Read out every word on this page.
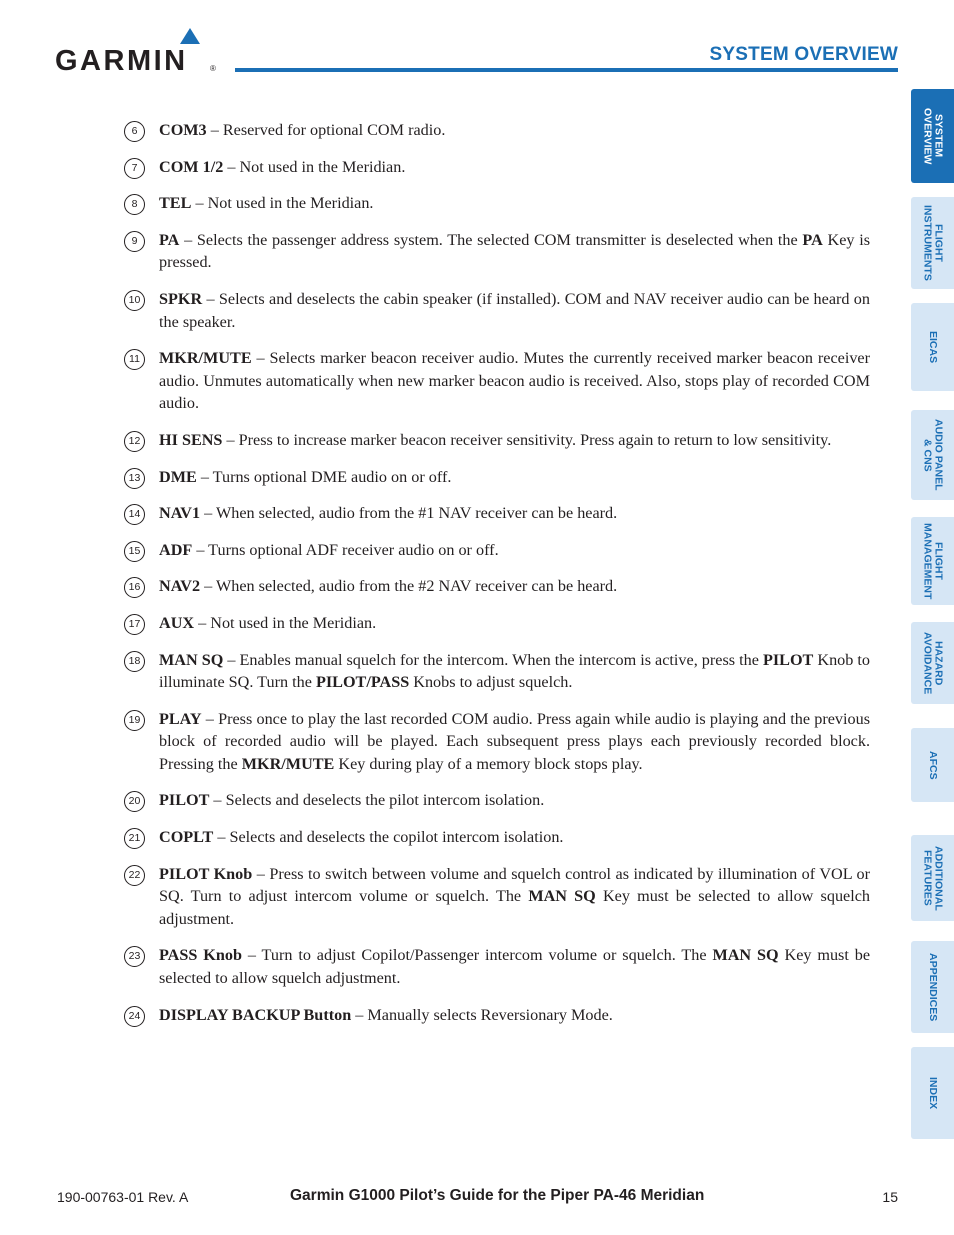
GARMIN	®
SYSTEM OVERVIEW
6	COM3 – Reserved for optional COM radio.
7	COM 1/2 – Not used in the Meridian.
8	TEL – Not used in the Meridian.
9	PA – Selects the passenger address system. The selected COM transmitter is deselected when the PA Key is pressed.
10 SPKR – Selects and deselects the cabin speaker (if installed). COM and NAV receiver audio can be heard on the speaker.
11	MKR/MUTE – Selects marker beacon receiver audio. Mutes the currently received marker beacon receiver audio. Unmutes automatically when new marker beacon audio is received. Also, stops play of recorded COM audio.
12 HI SENS – Press to increase marker beacon receiver sensitivity. Press again to return to low sensitivity.
13 DME – Turns optional DME audio on or off.
14 NAV1 – When selected, audio from the #1 NAV receiver can be heard.
15 ADF – Turns optional ADF receiver audio on or off.
16 NAV2 – When selected, audio from the #2 NAV receiver can be heard.
17 AUX – Not used in the Meridian.
18 MAN SQ – Enables manual squelch for the intercom. When the intercom is active, press the PILOT Knob to illuminate SQ. Turn the PILOT/PASS Knobs to adjust squelch.
19 PLAY – Press once to play the last recorded COM audio. Press again while audio is playing and the previous block of recorded audio will be played. Each subsequent press plays each previously recorded block. Pressing the MKR/MUTE Key during play of a memory block stops play.
20 PILOT – Selects and deselects the pilot intercom isolation.
21 COPLT – Selects and deselects the copilot intercom isolation.
22 PILOT Knob – Press to switch between volume and squelch control as indicated by illumination of VOL or SQ. Turn to adjust intercom volume or squelch. The MAN SQ Key must be selected to allow squelch adjustment.
23 PASS Knob – Turn to adjust Copilot/Passenger intercom volume or squelch. The MAN SQ Key must be selected to allow squelch adjustment.
24 DISPLAY BACKUP Button – Manually selects Reversionary Mode.
SYSTEM
OVERVIEW
FLIGHT
INSTRUMENTS
EICAS
AUDIO PANEL
& CNS
FLIGHT
MANAGEMENT
HAZARD
AVOIDANCE
AFCS
ADDITIONAL
FEATURES
APPENDICES
INDEX
190-00763-01 Rev. A	Garmin G1000 Pilot’s Guide for the Piper PA-46 Meridian	15
